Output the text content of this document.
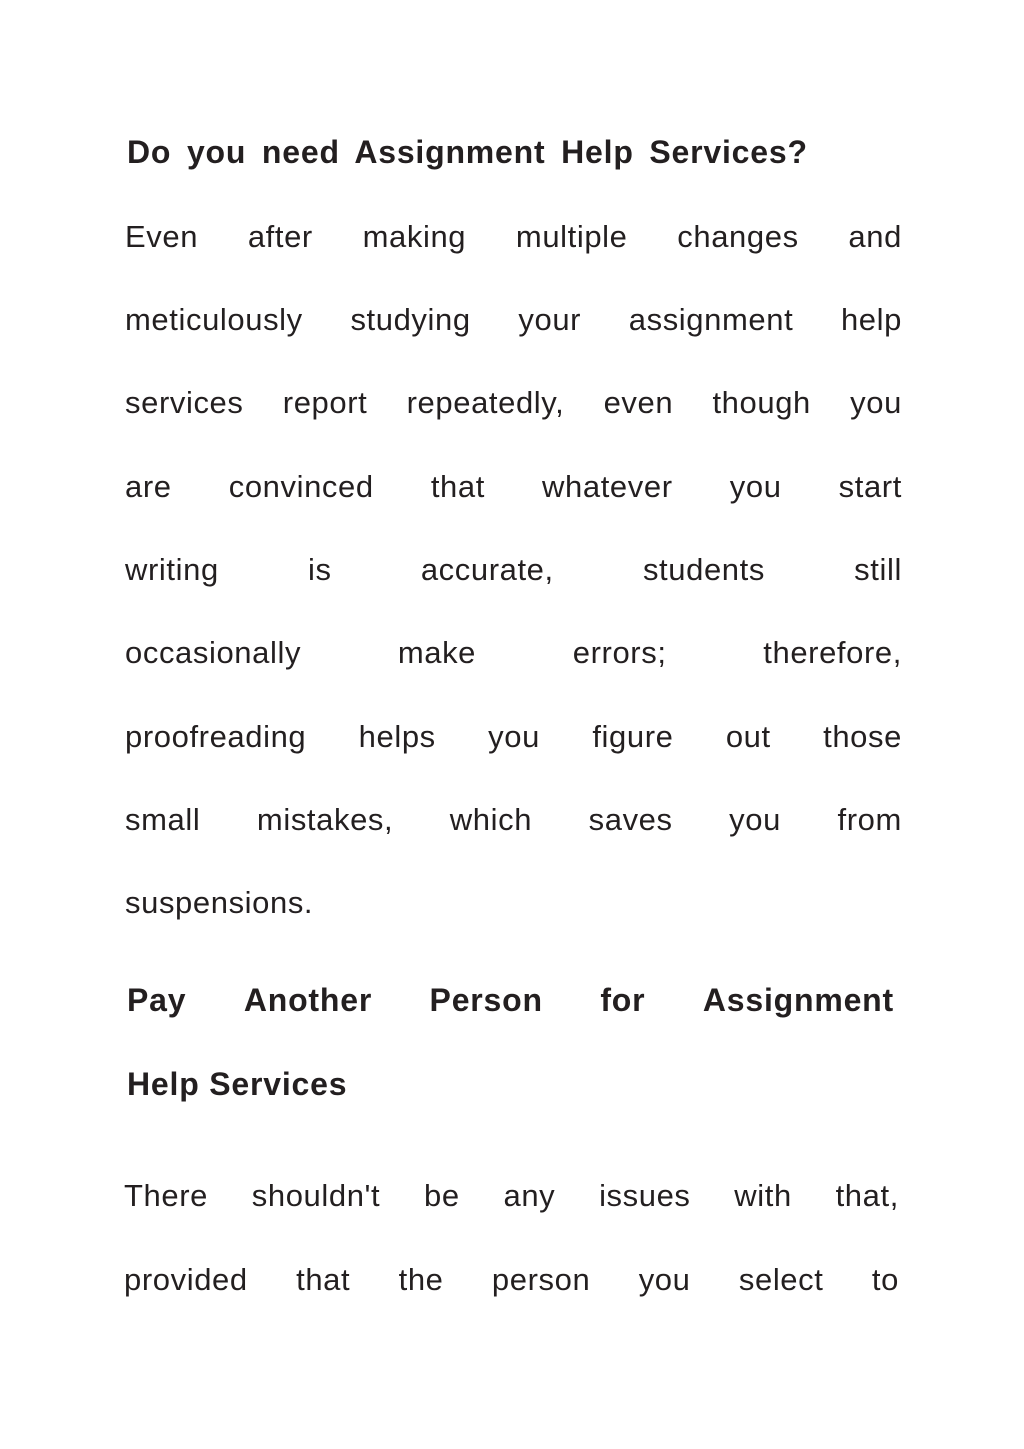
Do you need Assignment Help Services?
Even after making multiple changes and
meticulously studying your assignment help
services report repeatedly, even though you
are convinced that whatever you start
writing	is	accurate,	students	still
occasionally	make	errors;	therefore,
proofreading helps you figure out those
small mistakes, which saves you from
suspensions.
Pay Another Person for Assignment
Help Services
There shouldn't be any issues with that,
provided that the person you select to
